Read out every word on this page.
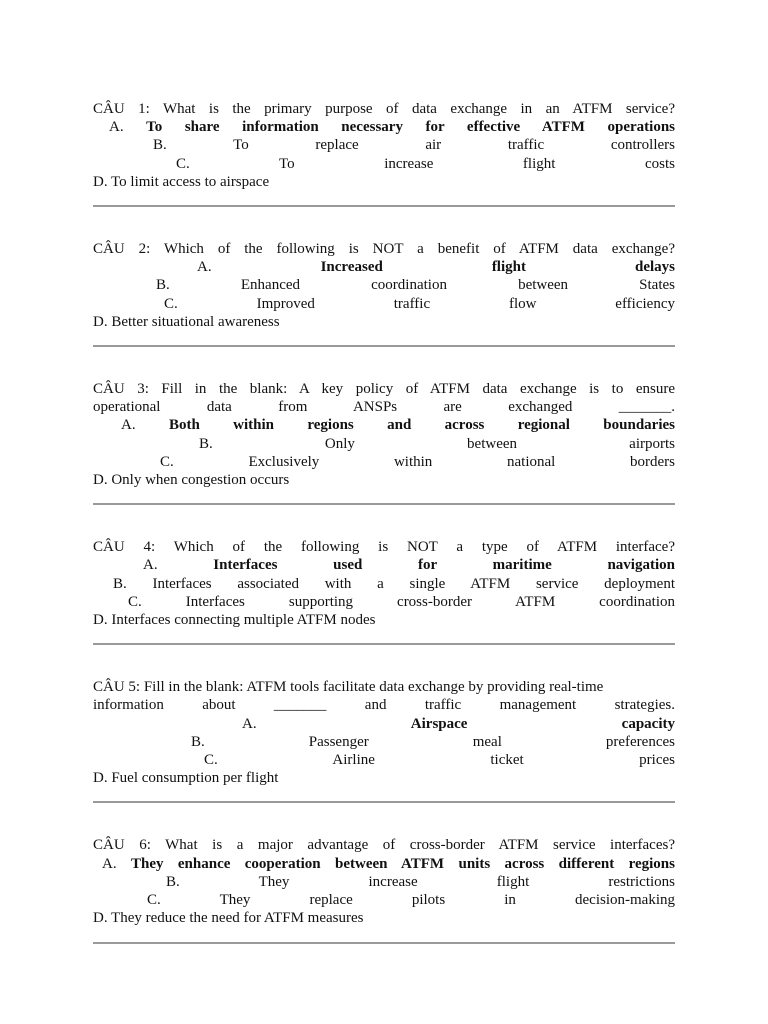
CÂU 1: What is the primary purpose of data exchange in an ATFM service?
A. To share information necessary for effective ATFM operations
B. To replace air traffic controllers
C. To increase flight costs
D. To limit access to airspace
CÂU 2: Which of the following is NOT a benefit of ATFM data exchange?
A. Increased flight delays
B. Enhanced coordination between States
C. Improved traffic flow efficiency
D. Better situational awareness
CÂU 3: Fill in the blank: A key policy of ATFM data exchange is to ensure
operational data from ANSPs are exchanged _______.
A. Both within regions and across regional boundaries
B. Only between airports
C. Exclusively within national borders
D. Only when congestion occurs
CÂU 4: Which of the following is NOT a type of ATFM interface?
A. Interfaces used for maritime navigation
B. Interfaces associated with a single ATFM service deployment
C. Interfaces supporting cross-border ATFM coordination
D. Interfaces connecting multiple ATFM nodes
CÂU 5: Fill in the blank: ATFM tools facilitate data exchange by providing real-time
information about _______ and traffic management strategies.
A. Airspace capacity
B. Passenger meal preferences
C. Airline ticket prices
D. Fuel consumption per flight
CÂU 6: What is a major advantage of cross-border ATFM service interfaces?
A. They enhance cooperation between ATFM units across different regions
B. They increase flight restrictions
C. They replace pilots in decision-making
D. They reduce the need for ATFM measures
